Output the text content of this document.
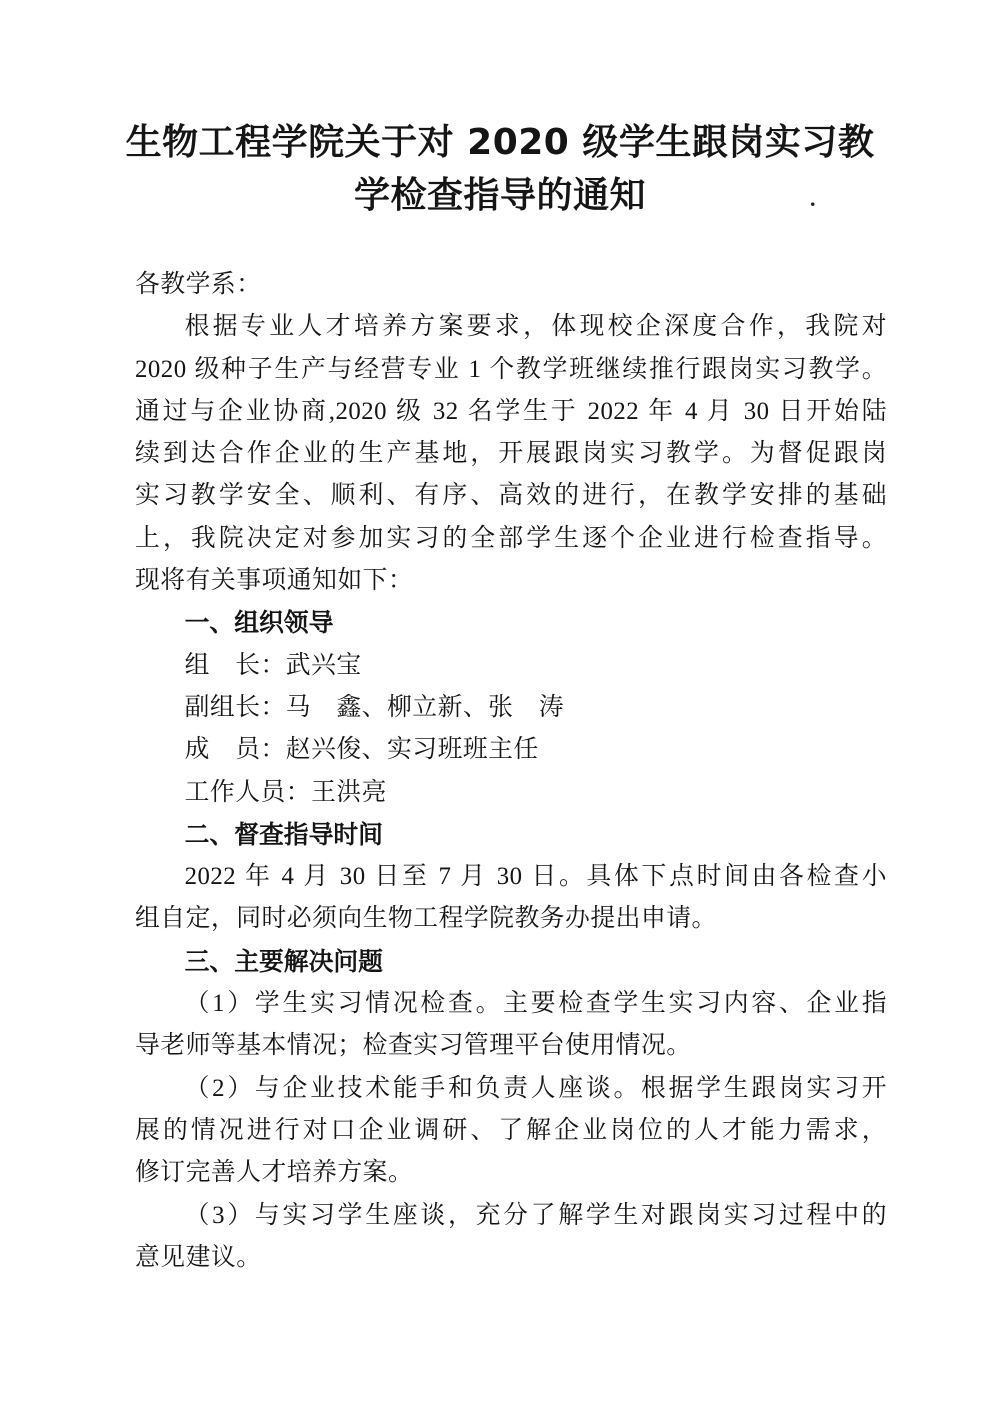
生物工程学院关于对 2020 级学生跟岗实习教
学检查指导的通知	.
各教学系：
根据专业人才培养方案要求，体现校企深度合作，我院对
2020 级种子生产与经营专业 1 个教学班继续推行跟岗实习教学。
通过与企业协商,2020 级 32 名学生于 2022 年 4 月 30 日开始陆
续到达合作企业的生产基地，开展跟岗实习教学。为督促跟岗
实习教学安全、顺利、有序、高效的进行，在教学安排的基础
上，我院决定对参加实习的全部学生逐个企业进行检查指导。
现将有关事项通知如下：
一、组织领导
组　长：武兴宝
副组长：马　鑫、柳立新、张　涛
成　员：赵兴俊、实习班班主任
工作人员：王洪亮
二、督查指导时间
2022 年 4 月 30 日至 7 月 30 日。具体下点时间由各检查小
组自定，同时必须向生物工程学院教务办提出申请。
三、主要解决问题
（1）学生实习情况检查。主要检查学生实习内容、企业指
导老师等基本情况；检查实习管理平台使用情况。
（2）与企业技术能手和负责人座谈。根据学生跟岗实习开
展的情况进行对口企业调研、了解企业岗位的人才能力需求，
修订完善人才培养方案。
（3）与实习学生座谈，充分了解学生对跟岗实习过程中的
意见建议。
